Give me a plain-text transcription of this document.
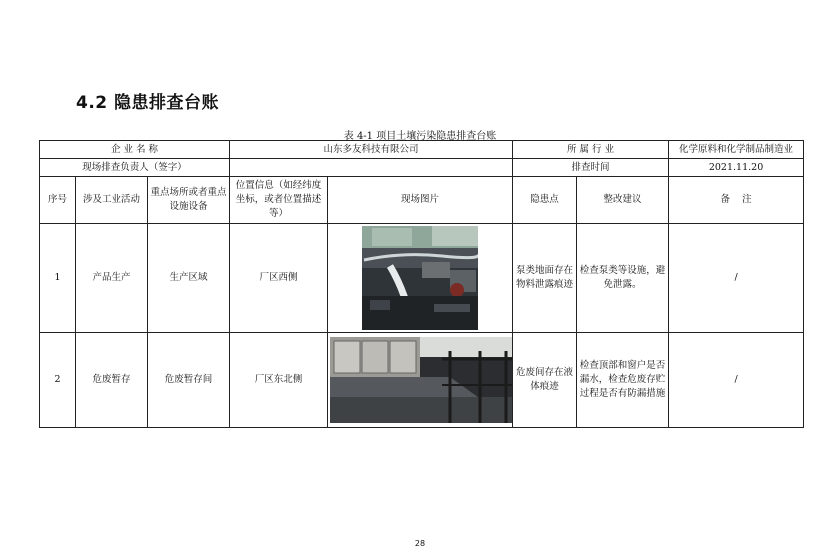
4.2 隐患排查台账
表 4-1 项目土壤污染隐患排查台账
企 业 名 称			山东多友科技有限公司		所 属 行 业		化学原料和化学制品制造业
现场排查负责人（签字）					排查时间		2021.11.20
序号	涉及工业活动	重点场所或者重点设施设备	位置信息（如经纬度坐标，或者位置描述等）	现场图片	隐患点	整改建议	备    注
1	产品生产	生产区域	厂区西侧		泵类地面存在物料泄露痕迹	检查泵类等设施，避免泄露。	/
2	危废暂存	危废暂存间	厂区东北侧		危废间存在液体痕迹	检查顶部和窗户是否漏水，检查危废存贮过程是否有防漏措施	/
28
